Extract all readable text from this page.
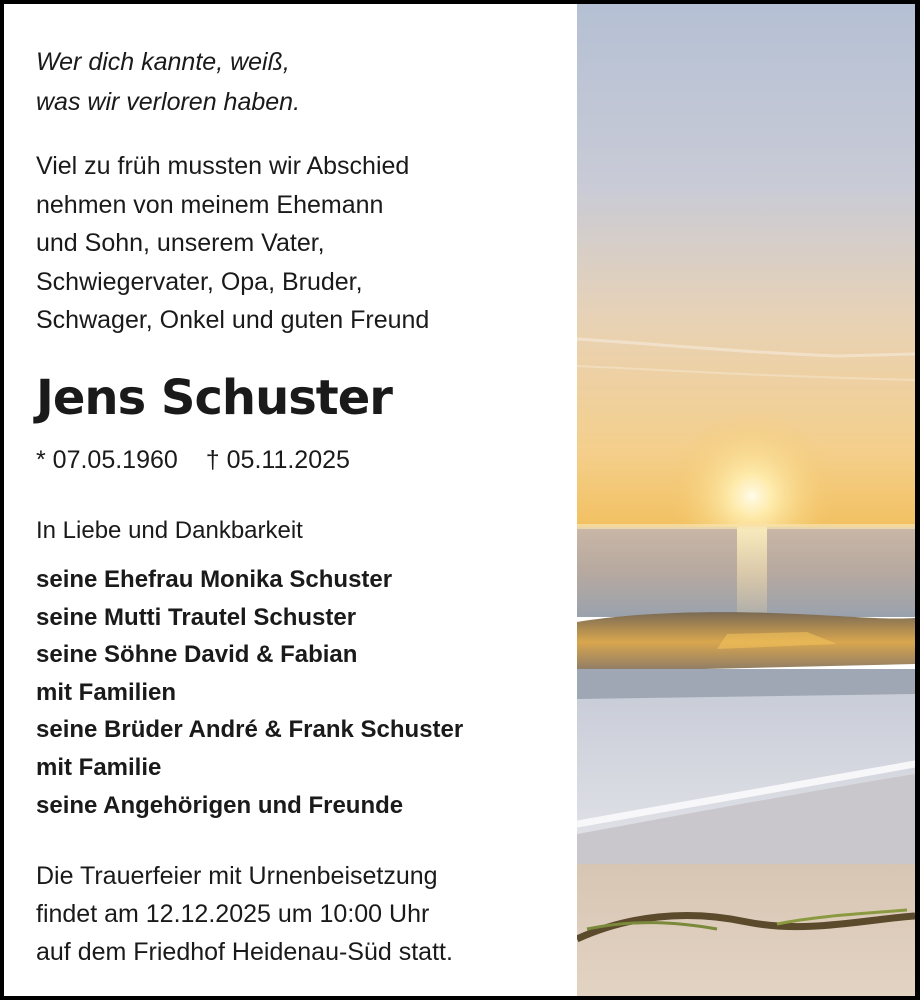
Wer dich kannte, weiß,
was wir verloren haben.
Viel zu früh mussten wir Abschied
nehmen von meinem Ehemann
und Sohn, unserem Vater,
Schwiegervater, Opa, Bruder,
Schwager, Onkel und guten Freund
Jens Schuster
* 07.05.1960 † 05.11.2025
In Liebe und Dankbarkeit
seine Ehefrau Monika Schuster
seine Mutti Trautel Schuster
seine Söhne David & Fabian
mit Familien
seine Brüder André & Frank Schuster
mit Familie
seine Angehörigen und Freunde
Die Trauerfeier mit Urnenbeisetzung
findet am 12.12.2025 um 10:00 Uhr
auf dem Friedhof Heidenau-Süd statt.
